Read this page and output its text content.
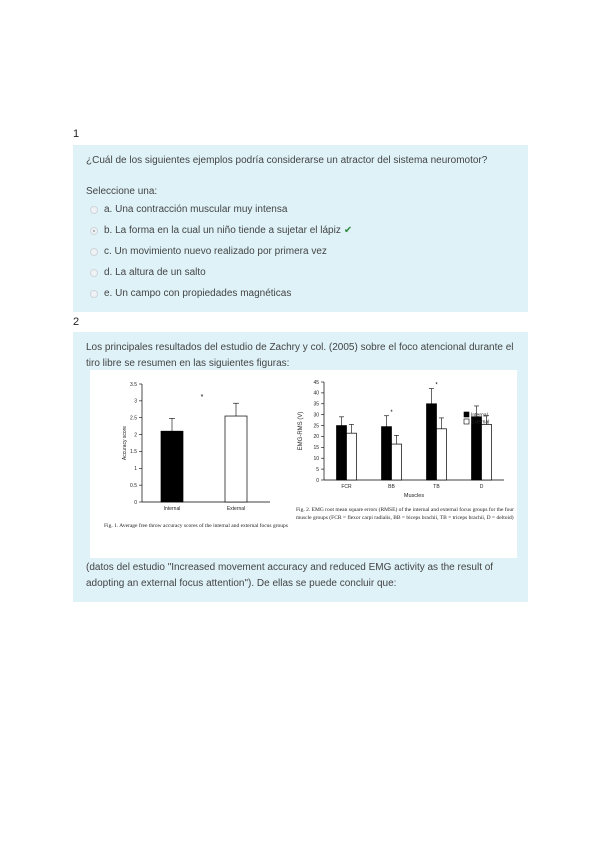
1
¿Cuál de los siguientes ejemplos podría considerarse un atractor del sistema neuromotor?
Seleccione una:
a. Una contracción muscular muy intensa
b. La forma en la cual un niño tiende a sujetar el lápiz ✔
c. Un movimiento nuevo realizado por primera vez
d. La altura de un salto
e. Un campo con propiedades magnéticas
2
Los principales resultados del estudio de Zachry y col. (2005) sobre el foco atencional durante el tiro libre se resumen en las siguientes figuras:
0
0.5
1
1.5
2
2.5
3
3.5
Accuracy score
Internal	External
*
Fig. 1. Average free throw accuracy scores of the internal and external focus groups
0
5
10
15
20
25
30
35
40
45
EMG-RMS (V)
FCR
*
BB
*
TB	D
Muscles
Internal
External
Fig. 2. EMG root mean square errors (RMSE) of the internal and external focus groups for the four muscle groups (FCR = flexor carpi radialis, BB = biceps brachii, TB = triceps brachii, D = deltoid)
(datos del estudio "Increased movement accuracy and reduced EMG activity as the result of adopting an external focus attention"). De ellas se puede concluir que:
